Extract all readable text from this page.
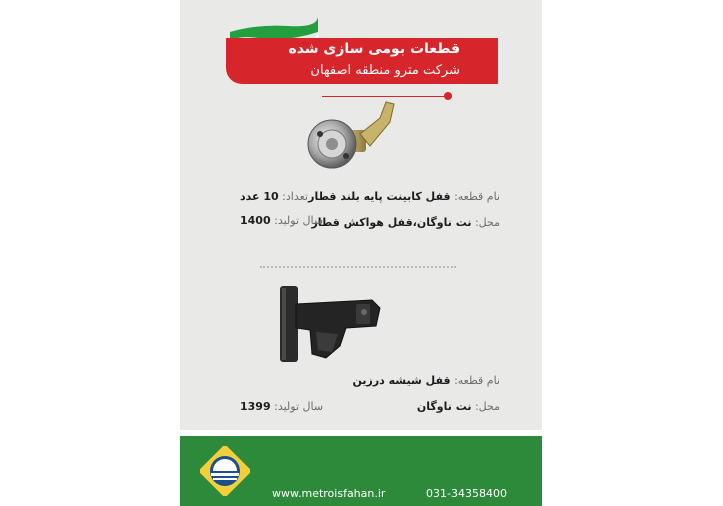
قطعات بومی سازی شده
شرکت مترو منطقه اصفهان
نام قطعه: قفل کابینت پایه بلند قطار
تعداد: 10 عدد
محل: نت ناوگان،قفل هواکش قطار
سال تولید: 1400
نام قطعه: قفل شیشه درزین
محل: نت ناوگان
سال تولید: 1399
www.metroisfahan.ir	031-34358400
